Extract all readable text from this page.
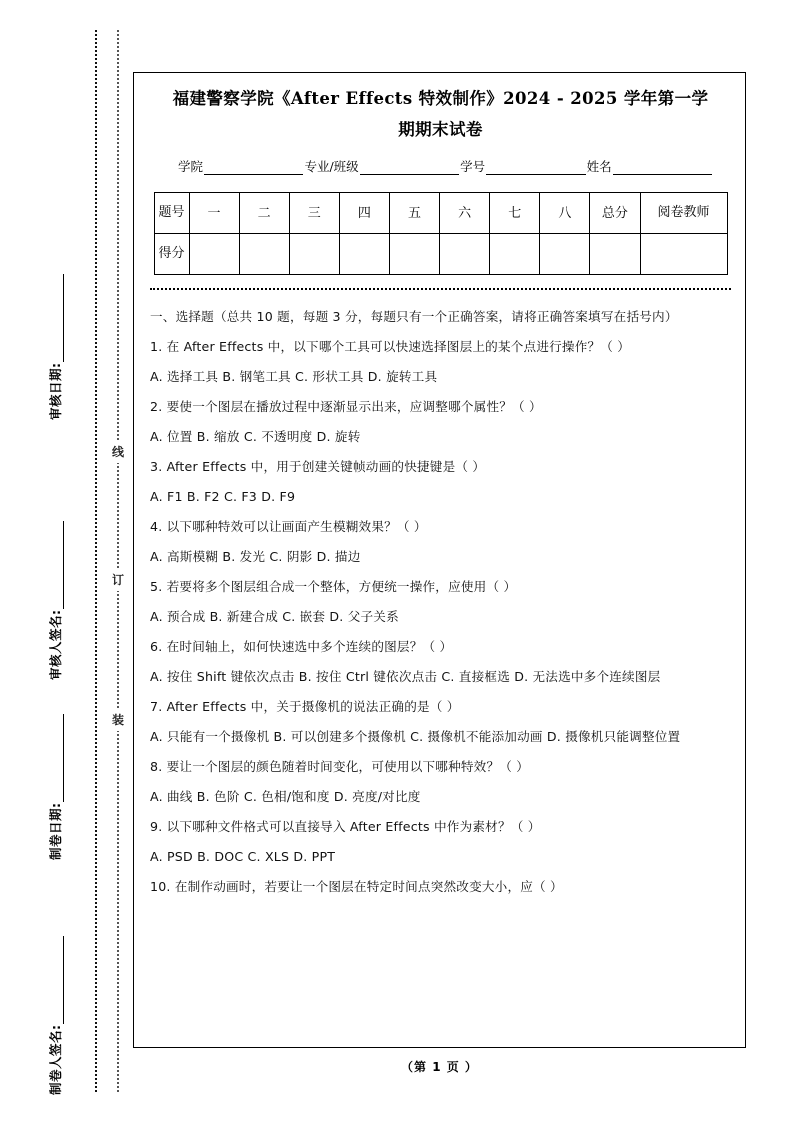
线
订
装
审核日期:
审核人签名:
制卷日期:
制卷人签名:
福建警察学院《After Effects 特效制作》2024 - 2025 学年第一学
期期末试卷
学院	专业/班级	学号	姓名
题号	一	二	三	四	五	六	七	八	总分	阅卷教师
得分										

一、选择题（总共 10 题，每题 3 分，每题只有一个正确答案，请将正确答案填写在括号内）

1. 在 After Effects 中，以下哪个工具可以快速选择图层上的某个点进行操作？（ ）

A. 选择工具 B. 钢笔工具 C. 形状工具 D. 旋转工具

2. 要使一个图层在播放过程中逐渐显示出来，应调整哪个属性？（ ）

A. 位置 B. 缩放 C. 不透明度 D. 旋转

3. After Effects 中，用于创建关键帧动画的快捷键是（ ）

A. F1 B. F2 C. F3 D. F9

4. 以下哪种特效可以让画面产生模糊效果？（ ）

A. 高斯模糊 B. 发光 C. 阴影 D. 描边

5. 若要将多个图层组合成一个整体，方便统一操作，应使用（ ）

A. 预合成 B. 新建合成 C. 嵌套 D. 父子关系

6. 在时间轴上，如何快速选中多个连续的图层？（ ）

A. 按住 Shift 键依次点击 B. 按住 Ctrl 键依次点击 C. 直接框选 D. 无法选中多个连续图层

7. After Effects 中，关于摄像机的说法正确的是（ ）

A. 只能有一个摄像机 B. 可以创建多个摄像机 C. 摄像机不能添加动画 D. 摄像机只能调整位置

8. 要让一个图层的颜色随着时间变化，可使用以下哪种特效？（ ）

A. 曲线 B. 色阶 C. 色相/饱和度 D. 亮度/对比度

9. 以下哪种文件格式可以直接导入 After Effects 中作为素材？（ ）

A. PSD B. DOC C. XLS D. PPT

10. 在制作动画时，若要让一个图层在特定时间点突然改变大小，应（ ）

（第 1 页 ）
